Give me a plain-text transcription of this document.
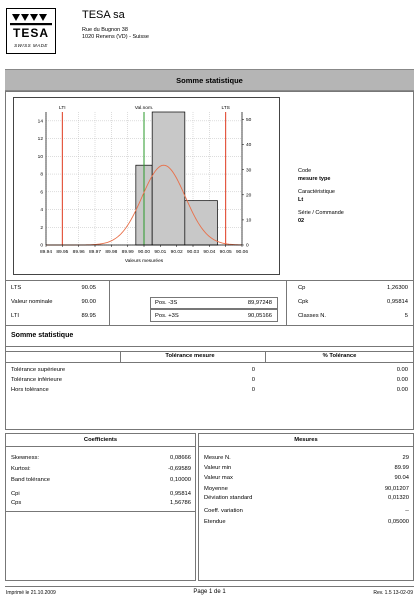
TESA
SWISS MADE
TESA sa
Rue du Bugnon 38
1020 Renens (VD) - Suisse
Somme statistique
89.94 89.95 89.96 89.97 89.98 89.99 90.00 90.01 90.02 90.03 90.04 90.05 90.06
0
2
4
6
8
10
12
14
0
10
20
30
40
50
LTI	Val.nom.	LTS
Valeurs mesurées
Code
mesure type
Caractéristique
Lt
Série / Commande
02
LTS	90.05
Valeur nominale	90.00
LTI	89.95
Pos. -3S	89,97248
Pos. +3S	90,05166
Cp	1,26300
Cpk	0,95814
Classes N.	5
Somme statistique
Tolérance mesure	% Tolérance
Tolérance supérieure	0	0.00
Tolérance inférieure	0	0.00
Hors tolérance	0	0.00
Coefficients
Skewness:	0,08666
Kurtosi:	-0,69589
Band tolérance	0,10000
Cpi	0,95814
Cps	1,56786
Mesures
Mesure N.	29
Valeur min	89.99
Valeur max	90.04
Moyenne	90,01207
Déviation standard	0,01320
Coeff. variation	--
Etendue	0,05000
Imprimé le 21.10.2009	Page 1 de 1	Rev. 1.5 13-02-09
